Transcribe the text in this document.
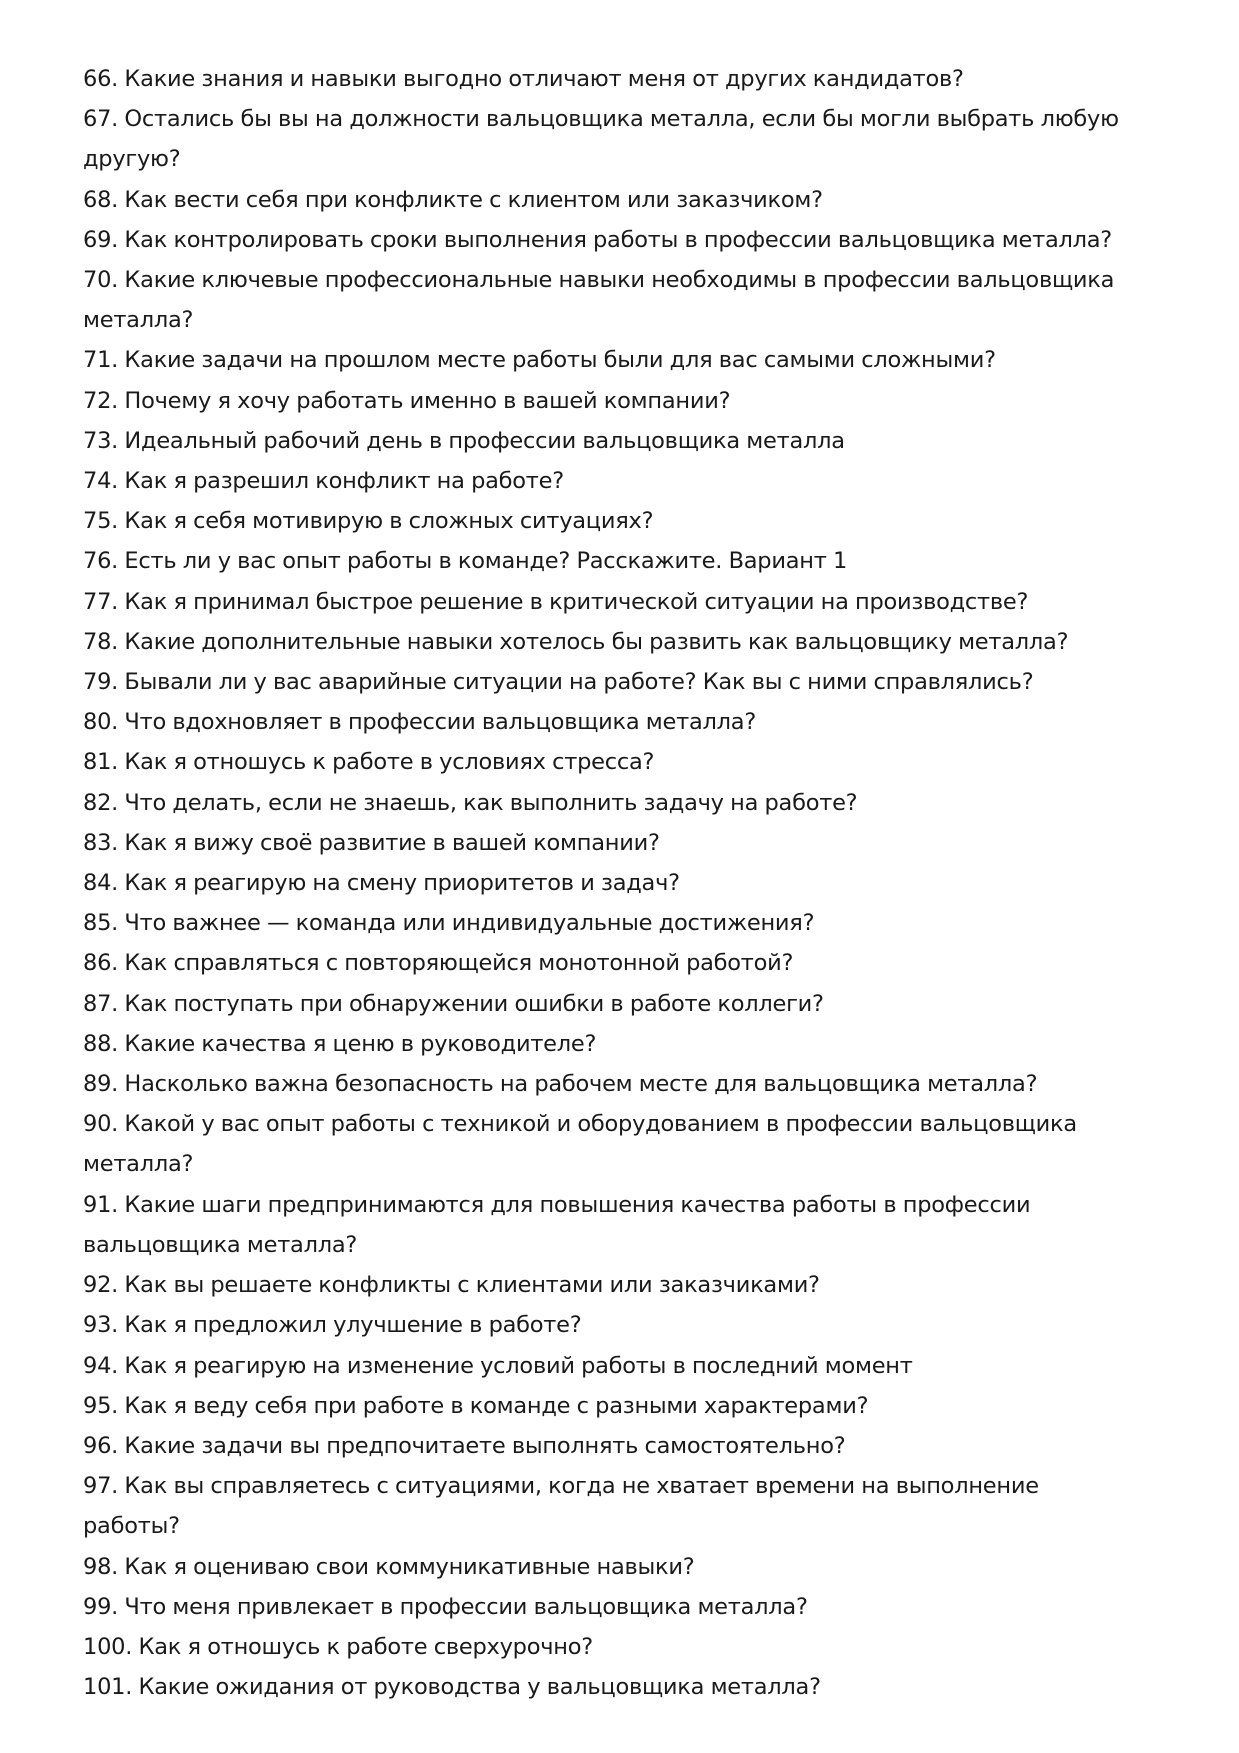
66. Какие знания и навыки выгодно отличают меня от других кандидатов?
67. Остались бы вы на должности вальцовщика металла, если бы могли выбрать любую другую?
68. Как вести себя при конфликте с клиентом или заказчиком?
69. Как контролировать сроки выполнения работы в профессии вальцовщика металла?
70. Какие ключевые профессиональные навыки необходимы в профессии вальцовщика металла?
71. Какие задачи на прошлом месте работы были для вас самыми сложными?
72. Почему я хочу работать именно в вашей компании?
73. Идеальный рабочий день в профессии вальцовщика металла
74. Как я разрешил конфликт на работе?
75. Как я себя мотивирую в сложных ситуациях?
76. Есть ли у вас опыт работы в команде? Расскажите. Вариант 1
77. Как я принимал быстрое решение в критической ситуации на производстве?
78. Какие дополнительные навыки хотелось бы развить как вальцовщику металла?
79. Бывали ли у вас аварийные ситуации на работе? Как вы с ними справлялись?
80. Что вдохновляет в профессии вальцовщика металла?
81. Как я отношусь к работе в условиях стресса?
82. Что делать, если не знаешь, как выполнить задачу на работе?
83. Как я вижу своё развитие в вашей компании?
84. Как я реагирую на смену приоритетов и задач?
85. Что важнее — команда или индивидуальные достижения?
86. Как справляться с повторяющейся монотонной работой?
87. Как поступать при обнаружении ошибки в работе коллеги?
88. Какие качества я ценю в руководителе?
89. Насколько важна безопасность на рабочем месте для вальцовщика металла?
90. Какой у вас опыт работы с техникой и оборудованием в профессии вальцовщика металла?
91. Какие шаги предпринимаются для повышения качества работы в профессии вальцовщика металла?
92. Как вы решаете конфликты с клиентами или заказчиками?
93. Как я предложил улучшение в работе?
94. Как я реагирую на изменение условий работы в последний момент
95. Как я веду себя при работе в команде с разными характерами?
96. Какие задачи вы предпочитаете выполнять самостоятельно?
97. Как вы справляетесь с ситуациями, когда не хватает времени на выполнение работы?
98. Как я оцениваю свои коммуникативные навыки?
99. Что меня привлекает в профессии вальцовщика металла?
100. Как я отношусь к работе сверхурочно?
101. Какие ожидания от руководства у вальцовщика металла?
